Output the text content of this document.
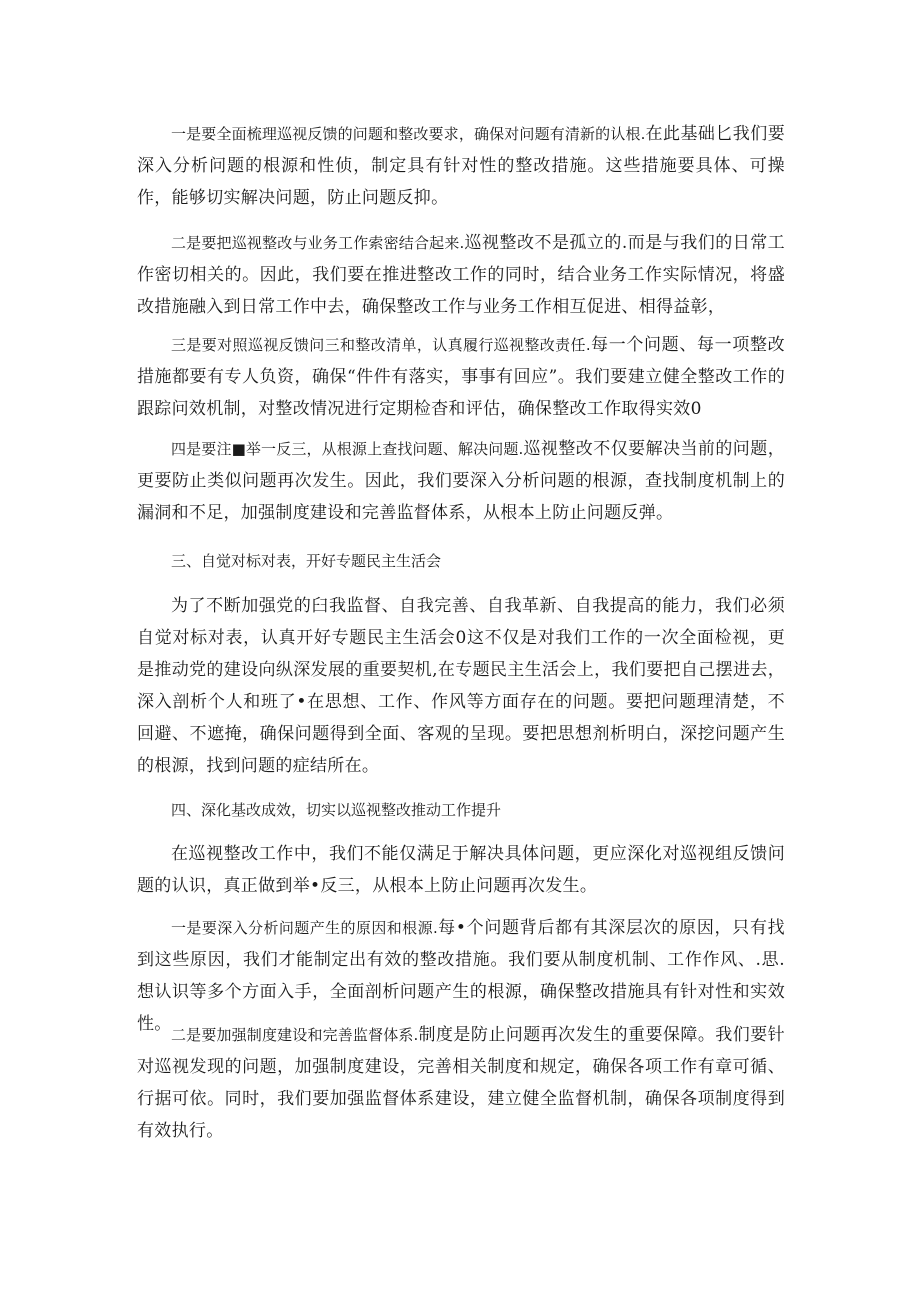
一是要全面梳理巡视反馈的问题和整改要求，确保对问题有清新的认根.在此基础匕我们要深入分析问题的根源和性侦，制定具有针对性的整改措施。这些措施要具体、可操作，能够切实解决问题，防止问题反抑。

二是要把巡视整改与业务工作索密结合起来.巡视整改不是孤立的.而是与我们的日常工作密切相关的。因此，我们要在推进整改工作的同时，结合业务工作实际情况，将盛改措施融入到日常工作中去，确保整改工作与业务工作相互促进、相得益彰，

三是要对照巡视反馈问三和整改清单，认真履行巡视整改责任.每一个问题、每一项整改措施都要有专人负资，确保“件件有落实，事事有回应”。我们要建立健全整改工作的跟踪问效机制，对整改情况进行定期检杳和评估，确保整改工作取得实效0

四是要注■举一反三，从根源上查找问题、解决问题.巡视整改不仅要解决当前的问题，更要防止类似问题再次发生。因此，我们要深入分析问题的根源，查找制度机制上的漏洞和不足，加强制度建设和完善监督体系，从根本上防止问题反弹。

三、自觉对标对表，开好专题民主生活会

为了不断加强党的臼我监督、自我完善、自我革新、自我提高的能力，我们必须自觉对标对表，认真开好专题民主生活会0这不仅是对我们工作的一次全面检视，更是推动党的建设向纵深发展的重要契机,在专题民主生活会上，我们要把自己摆进去，深入剖析个人和班了•在思想、工作、作风等方面存在的问题。要把问题理清楚，不回避、不遮掩，确保问题得到全面、客观的呈现。要把思想剂析明白，深挖问题产生的根源，找到问题的症结所在。

四、深化基改成效，切实以巡视整改推动工作提升

在巡视整改工作中，我们不能仅满足于解决具体问题，更应深化对巡视组反馈问题的认识，真正做到举•反三，从根本上防止问题再次发生。

一是要深入分析问题产生的原因和根源.每•个问题背后都有其深层次的原因，只有找到这些原因，我们才能制定出有效的整改措施。我们要从制度机制、工作作风、.思.想认识等多个方面入手，全面剖析问题产生的根源，确保整改措施具有针对性和实效性。

二是要加强制度建设和完善监督体系.制度是防止问题再次发生的重要保障。我们要针对巡视发现的问题，加强制度建设，完善相关制度和规定，确保各项工作有章可循、行据可依。同时，我们要加强监督体系建设，建立健全监督机制，确保各项制度得到有效执行。
